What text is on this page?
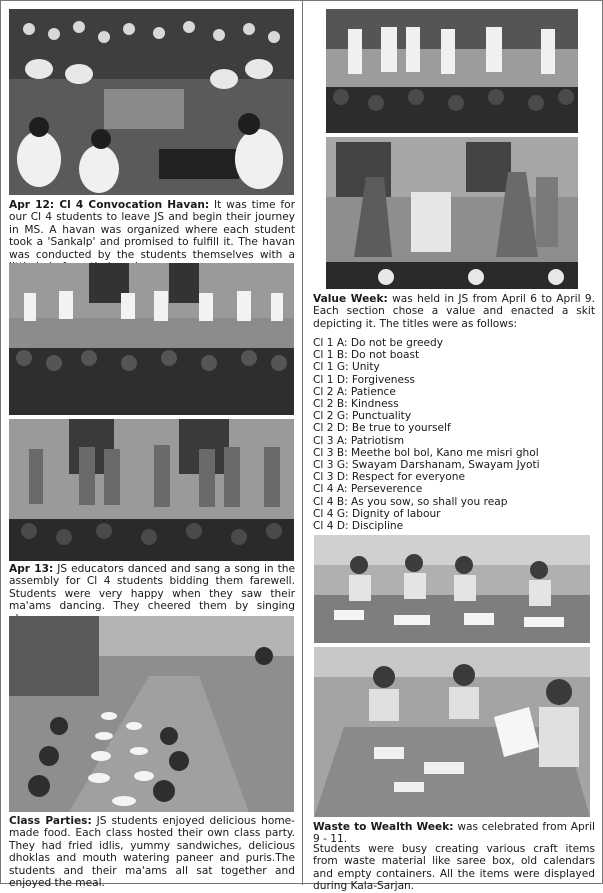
Apr 12: Cl 4 Convocation Havan: It was time for our Cl 4 students to leave JS and begin their journey in MS. A havan was organized where each student took a 'Sankalp' and promised to fulfill it. The havan was conducted by the students themselves with a
Apr 13: JS educators danced and sang a song in the assembly for Cl 4 students bidding them farewell. Students were very happy when they saw their ma'ams dancing. They cheered them by singing
Class Parties: JS students enjoyed delicious home-made food. Each class hosted their own class party. They had fried idlis, yummy sandwiches, delicious dhoklas and mouth watering paneer and puris.The students and their ma'ams all sat together and enjoyed the meal.
Value Week: was held in JS from April 6 to April 9. Each section chose a value and enacted a skit depicting it. The titles were as follows:
Cl 1 A: Do not be greedy
Cl 1 B: Do not boast
Cl 1 G: Unity
Cl 1 D: Forgiveness
Cl 2 A: Patience
Cl 2 B: Kindness
Cl 2 G: Punctuality
Cl 2 D: Be true to yourself
Cl 3 A: Patriotism
Cl 3 B: Meethe bol bol, Kano me misri ghol
Cl 3 G: Swayam Darshanam, Swayam Jyoti
Cl 3 D: Respect for everyone
Cl 4 A: Perseverence
Cl 4 B: As you sow, so shall you reap
Cl 4 G: Dignity of labour
Cl 4 D: Discipline
Waste to Wealth Week: was celebrated from April 9 - 11.
Students were busy creating various craft items from waste material like saree box, old calendars and empty containers. All the items were displayed during Kala-Sarjan.
